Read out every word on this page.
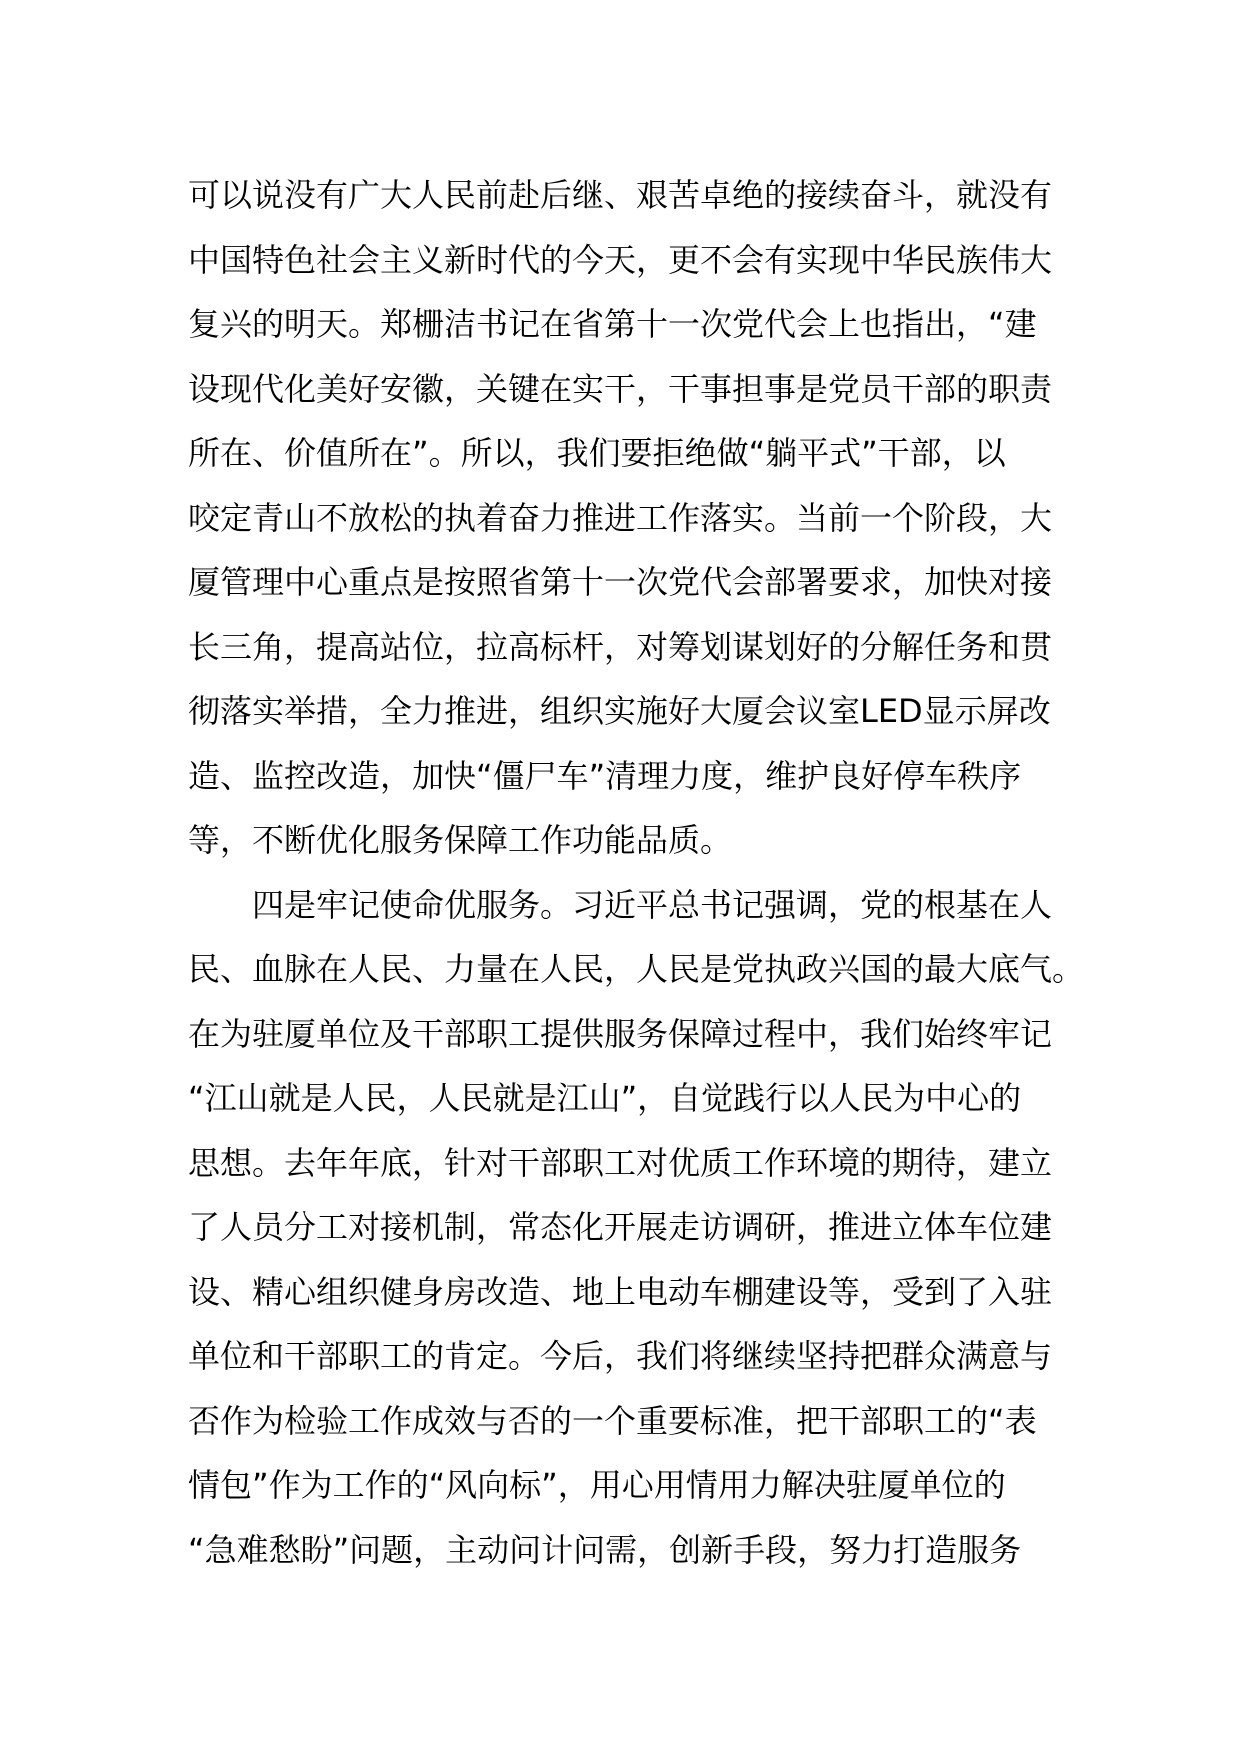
可以说没有广大人民前赴后继、艰苦卓绝的接续奋斗，就没有
中国特色社会主义新时代的今天，更不会有实现中华民族伟大
复兴的明天。郑栅洁书记在省第十一次党代会上也指出，“建
设现代化美好安徽，关键在实干，干事担事是党员干部的职责
所在、价值所在”。所以，我们要拒绝做“躺平式”干部，以
咬定青山不放松的执着奋力推进工作落实。当前一个阶段，大
厦管理中心重点是按照省第十一次党代会部署要求，加快对接
长三角，提高站位，拉高标杆，对筹划谋划好的分解任务和贯
彻落实举措，全力推进，组织实施好大厦会议室LED显示屏改
造、监控改造，加快“僵尸车”清理力度，维护良好停车秩序
等，不断优化服务保障工作功能品质。
四是牢记使命优服务。习近平总书记强调，党的根基在人
民、血脉在人民、力量在人民，人民是党执政兴国的最大底气。
在为驻厦单位及干部职工提供服务保障过程中，我们始终牢记
“江山就是人民，人民就是江山”，自觉践行以人民为中心的
思想。去年年底，针对干部职工对优质工作环境的期待，建立
了人员分工对接机制，常态化开展走访调研，推进立体车位建
设、精心组织健身房改造、地上电动车棚建设等，受到了入驻
单位和干部职工的肯定。今后，我们将继续坚持把群众满意与
否作为检验工作成效与否的一个重要标准，把干部职工的“表
情包”作为工作的“风向标”，用心用情用力解决驻厦单位的
“急难愁盼”问题，主动问计问需，创新手段，努力打造服务
